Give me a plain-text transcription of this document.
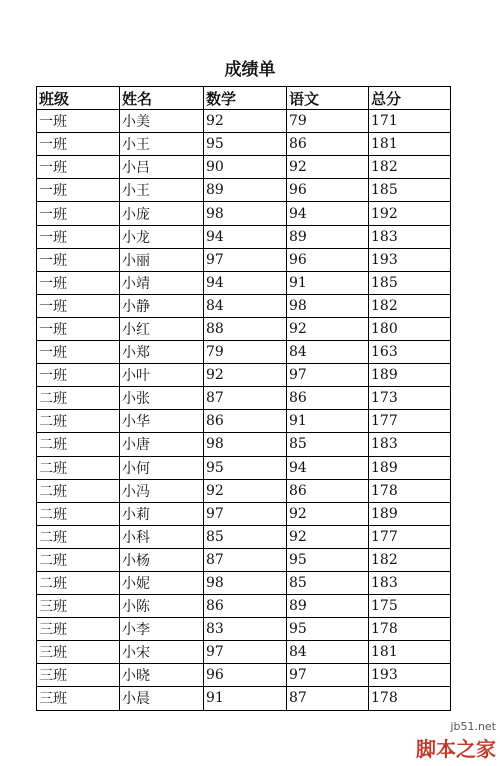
成绩单
班级	姓名	数学	语文	总分
一班	小美	92	79	171
一班	小王	95	86	181
一班	小吕	90	92	182
一班	小王	89	96	185
一班	小庞	98	94	192
一班	小龙	94	89	183
一班	小丽	97	96	193
一班	小靖	94	91	185
一班	小静	84	98	182
一班	小红	88	92	180
一班	小郑	79	84	163
一班	小叶	92	97	189
二班	小张	87	86	173
二班	小华	86	91	177
二班	小唐	98	85	183
二班	小何	95	94	189
二班	小冯	92	86	178
二班	小莉	97	92	189
二班	小科	85	92	177
二班	小杨	87	95	182
二班	小妮	98	85	183
三班	小陈	86	89	175
三班	小李	83	95	178
三班	小宋	97	84	181
三班	小晓	96	97	193
三班	小晨	91	87	178
jb51.net
脚本之家
